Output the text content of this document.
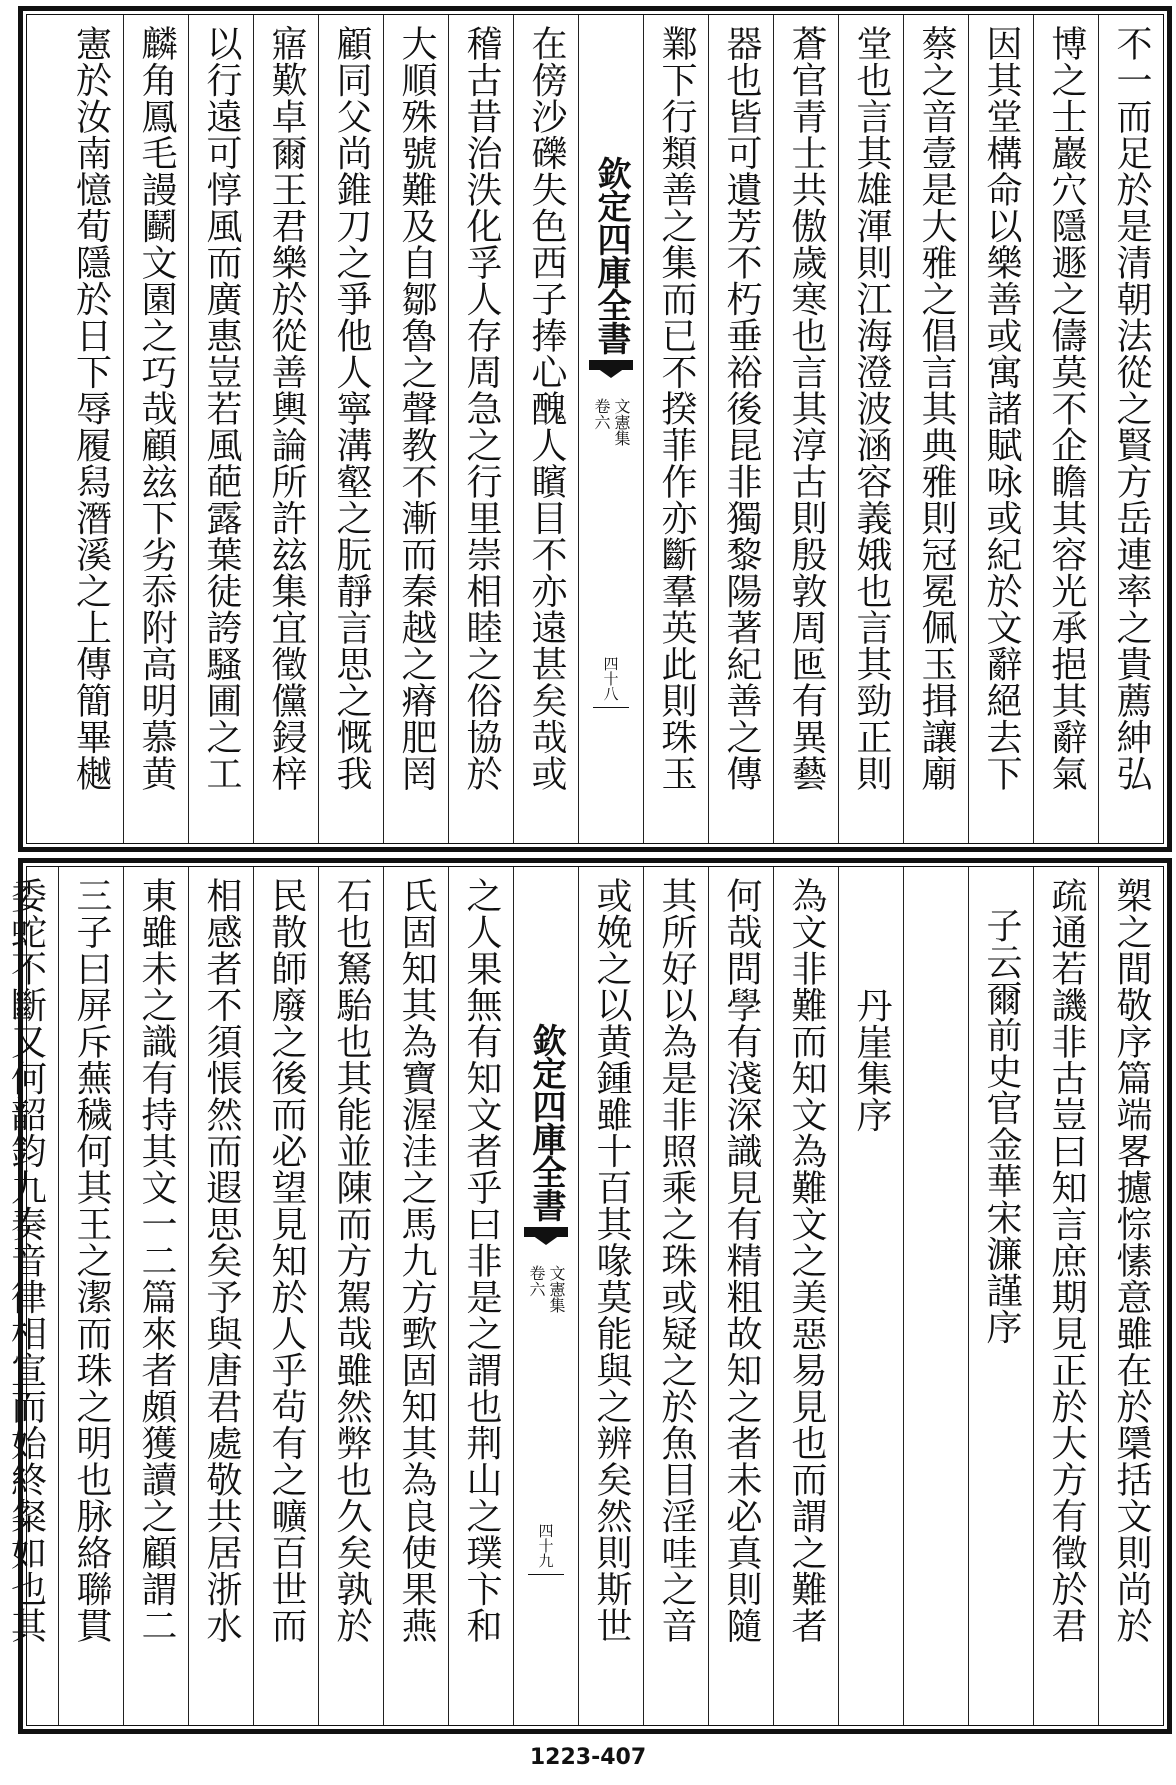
不一而足於是清朝法從之賢方岳連率之貴薦紳弘
博之士巖穴隱遯之儔莫不企瞻其容光承挹其辭氣
因其堂構命以樂善或寓諸賦咏或紀於文辭絕去下
蔡之音壹是大雅之倡言其典雅則冠冕佩玉揖讓廟
堂也言其雄渾則江海澄波涵容義娥也言其勁正則
蒼官青士共傲歲寒也言其淳古則殷敦周匜有異藝
器也皆可遺芳不朽垂裕後昆非獨黎陽著紀善之傳
鄴下行類善之集而已不揆菲作亦斷羣英此則珠玉
欽定四庫全書
文憲集
卷六
四十八
在傍沙礫失色西子捧心醜人矉目不亦遠甚矣哉或
稽古昔治泆化孚人存周急之行里崇相睦之俗協於
大順殊號難及自鄒魯之聲教不漸而秦越之瘠肥罔
顧同父尚錐刀之爭他人寧溝壑之朊靜言思之慨我
寤歎卓爾王君樂於從善輿論所許玆集宜徵儻鋟梓
以行遠可惇風而廣惠豈若風葩露葉徒誇騷圃之工
麟角鳳毛謾鬬文園之巧哉顧玆下劣忝附高明慕黄
憲於汝南憶荀隱於日下辱履舄潛溪之上傳簡畢樾
槊之間敬序篇端畧攄悰愫意雖在於檃括文則尚於
疏通若譏非古豈曰知言庶期見正於大方有徵於君
子云爾前史官金華宋濂謹序
丹崖集序
為文非難而知文為難文之美惡易見也而謂之難者
何哉問學有淺深識見有精粗故知之者未必真則隨
其所好以為是非照乘之珠或疑之於魚目淫哇之音
或娩之以黄鍾雖十百其喙莫能與之辨矣然則斯世
欽定四庫全書
文憲集
卷六
四十九
之人果無有知文者乎曰非是之謂也荆山之璞卞和
氏固知其為寶渥洼之馬九方歅固知其為良使果燕
石也駑駘也其能並陳而方駕哉雖然弊也久矣孰於
民散師廢之後而必望見知於人乎茍有之曠百世而
相感者不須悵然而遐思矣予與唐君處敬共居浙水
東雖未之識有持其文一二篇來者頗獲讀之顧謂二
三子曰屏斥蕪穢何其王之潔而珠之明也脉絡聯貫
委蛇不斷又何韶鈞九奏音律相宣而始終粲如也其
1223-407
